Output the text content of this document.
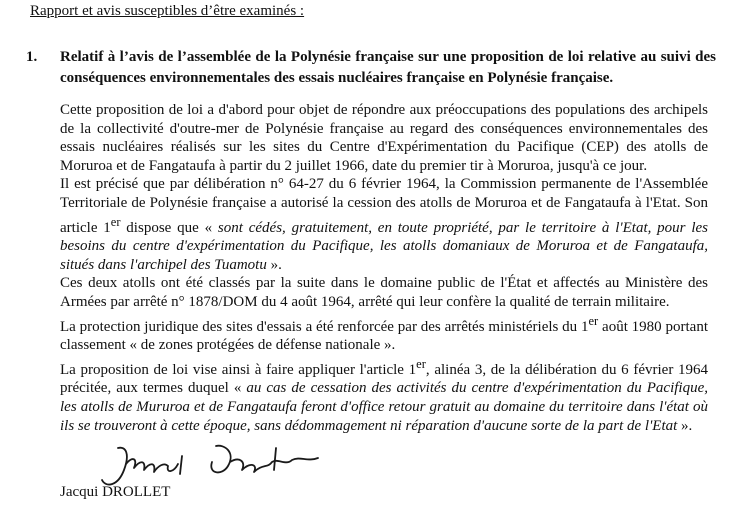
Rapport et avis susceptibles d’être examinés :

1. Relatif à l’avis de l’assemblée de la Polynésie française sur une proposition de loi relative au suivi des conséquences environnementales des essais nucléaires française en Polynésie française.

Cette proposition de loi a d'abord pour objet de répondre aux préoccupations des populations des archipels de la collectivité d'outre-mer de Polynésie française au regard des conséquences environnementales des essais nucléaires réalisés sur les sites du Centre d'Expérimentation du Pacifique (CEP) des atolls de Moruroa et de Fangataufa à partir du 2 juillet 1966, date du premier tir à Moruroa, jusqu'à ce jour.

Il est précisé que par délibération n° 64-27 du 6 février 1964, la Commission permanente de l'Assemblée Territoriale de Polynésie française a autorisé la cession des atolls de Moruroa et de Fangataufa à l'Etat. Son article 1er dispose que « sont cédés, gratuitement, en toute propriété, par le territoire à l'Etat, pour les besoins du centre d'expérimentation du Pacifique, les atolls domaniaux de Moruroa et de Fangataufa, situés dans l'archipel des Tuamotu ».

Ces deux atolls ont été classés par la suite dans le domaine public de l'État et affectés au Ministère des Armées par arrêté n° 1878/DOM du 4 août 1964, arrêté qui leur confère la qualité de terrain militaire.

La protection juridique des sites d'essais a été renforcée par des arrêtés ministériels du 1er août 1980 portant classement « de zones protégées de défense nationale ».

La proposition de loi vise ainsi à faire appliquer l'article 1er, alinéa 3, de la délibération du 6 février 1964 précitée, aux termes duquel « au cas de cessation des activités du centre d'expérimentation du Pacifique, les atolls de Mururoa et de Fangataufa feront d'office retour gratuit au domaine du territoire dans l'état où ils se trouveront à cette époque, sans dédommagement ni réparation d'aucune sorte de la part de l'Etat ».

Jacqui DROLLET
